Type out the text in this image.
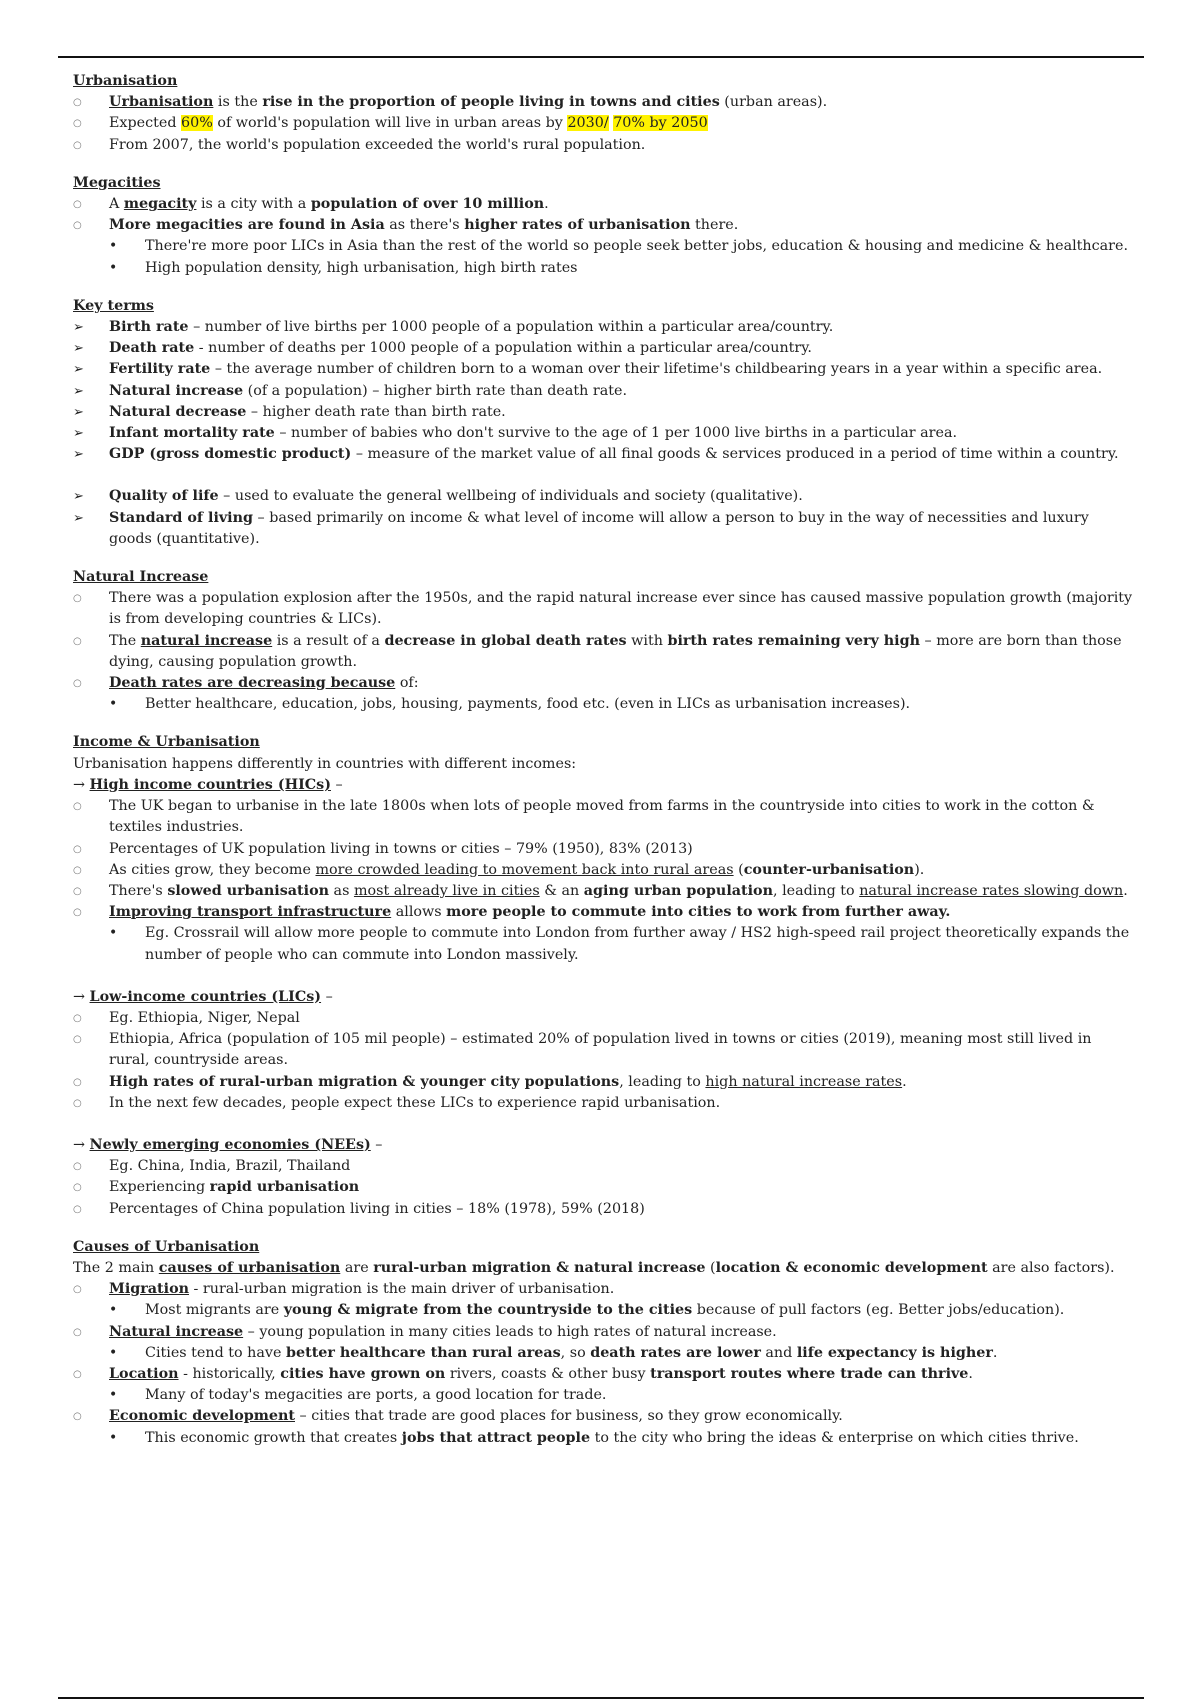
Urbanisation

○	Urbanisation is the rise in the proportion of people living in towns and cities (urban areas).

○	Expected 60% of world's population will live in urban areas by 2030/ 70% by 2050

○	From 2007, the world's population exceeded the world's rural population.

Megacities

○	A megacity is a city with a population of over 10 million.

○	More megacities are found in Asia as there's higher rates of urbanisation there.

• There're more poor LICs in Asia than the rest of the world so people seek better jobs, education & housing and medicine & healthcare.

• High population density, high urbanisation, high birth rates

Key terms

➢ Birth rate – number of live births per 1000 people of a population within a particular area/country.

➢ Death rate - number of deaths per 1000 people of a population within a particular area/country.

➢ Fertility rate – the average number of children born to a woman over their lifetime's childbearing years in a year within a specific area.

➢ Natural increase (of a population) – higher birth rate than death rate.

➢ Natural decrease – higher death rate than birth rate.

➢ Infant mortality rate – number of babies who don't survive to the age of 1 per 1000 live births in a particular area.

➢ GDP (gross domestic product) – measure of the market value of all final goods & services produced in a period of time within a country.

➢ Quality of life – used to evaluate the general wellbeing of individuals and society (qualitative).

➢ Standard of living – based primarily on income & what level of income will allow a person to buy in the way of necessities and luxury goods (quantitative).

Natural Increase

○	There was a population explosion after the 1950s, and the rapid natural increase ever since has caused massive population growth (majority is from developing countries & LICs).

○	The natural increase is a result of a decrease in global death rates with birth rates remaining very high – more are born than those dying, causing population growth.

○	Death rates are decreasing because of:

• Better healthcare, education, jobs, housing, payments, food etc. (even in LICs as urbanisation increases).

Income & Urbanisation

Urbanisation happens differently in countries with different incomes:

→ High income countries (HICs) –

○	The UK began to urbanise in the late 1800s when lots of people moved from farms in the countryside into cities to work in the cotton & textiles industries.

○	Percentages of UK population living in towns or cities – 79% (1950), 83% (2013)

○	As cities grow, they become more crowded leading to movement back into rural areas (counter-urbanisation).

○	There's slowed urbanisation as most already live in cities & an aging urban population, leading to natural increase rates slowing down.

○	Improving transport infrastructure allows more people to commute into cities to work from further away.

• Eg. Crossrail will allow more people to commute into London from further away / HS2 high-speed rail project theoretically expands the number of people who can commute into London massively.

→ Low-income countries (LICs) –

○	Eg. Ethiopia, Niger, Nepal

○	Ethiopia, Africa (population of 105 mil people) – estimated 20% of population lived in towns or cities (2019), meaning most still lived in rural, countryside areas.

○	High rates of rural-urban migration & younger city populations, leading to high natural increase rates.

○	In the next few decades, people expect these LICs to experience rapid urbanisation.

→ Newly emerging economies (NEEs) –

○	Eg. China, India, Brazil, Thailand

○	Experiencing rapid urbanisation

○	Percentages of China population living in cities – 18% (1978), 59% (2018)

Causes of Urbanisation

The 2 main causes of urbanisation are rural-urban migration & natural increase (location & economic development are also factors).

○	Migration - rural-urban migration is the main driver of urbanisation.

• Most migrants are young & migrate from the countryside to the cities because of pull factors (eg. Better jobs/education).

○	Natural increase – young population in many cities leads to high rates of natural increase.

• Cities tend to have better healthcare than rural areas, so death rates are lower and life expectancy is higher.

○	Location - historically, cities have grown on rivers, coasts & other busy transport routes where trade can thrive.

• Many of today's megacities are ports, a good location for trade.

○	Economic development – cities that trade are good places for business, so they grow economically.

• This economic growth that creates jobs that attract people to the city who bring the ideas & enterprise on which cities thrive.
